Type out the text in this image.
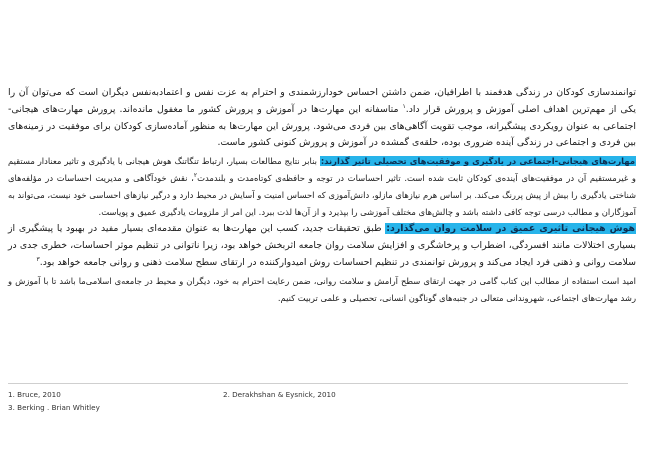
توانمندسازی کودکان در زندگی هدفمند با اطرافیان، ضمن داشتن احساس خودارزشمندی و احترام به عزت نفس و اعتمادبه‌نفس دیگران است که می‌توان آن را یکی از مهم‌ترین اهداف اصلی آموزش و پرورش قرار داد.$^۱$ متاسفانه این مهارت‌ها در آموزش و پرورش کشور ما مغفول مانده‌اند. پرورش مهارت‌های هیجانی-اجتماعی به عنوان رویکردی پیشگیرانه، موجب تقویت آگاهی‌های بین فردی می‌شود. پرورش این مهارت‌ها به منظور آماده‌سازی کودکان برای موفقیت در زمینه‌های بین فردی و اجتماعی در زندگی آینده ضروری بوده، حلقه‌ی گمشده در آموزش و پرورش کنونی کشور ماست.

مهارت‌های هیجانی-اجتماعی در یادگیری و موفقیت‌های تحصیلی تاثیر گذارند: بنابر نتایج مطالعات بسیار، ارتباط تنگاتنگ هوش هیجانی با یادگیری و تاثیر معنادار مستقیم و غیرمستقیم آن در موفقیت‌های آینده‌ی کودکان ثابت شده است. تاثیر احساسات در توجه و حافظه‌ی کوتاه‌مدت و بلندمدت$^۲$، نقش خودآگاهی و مدیریت احساسات در مؤلفه‌های شناختی یادگیری را بیش از پیش پررنگ می‌کند. بر اساس هرم نیازهای مازلو، دانش‌آموزی که احساس امنیت و آسایش در محیط دارد و درگیر نیازهای احساسی خود نیست، می‌تواند به آموزگاران و مطالب درسی توجه کافی داشته باشد و چالش‌های مختلف آموزشی را بپذیرد و از آن‌ها لذت ببرد. این امر از ملزومات یادگیری عمیق و پویاست.

هوش هیجانی تاثیری عمیق در سلامت روان می‌گذارد: طبق تحقیقات جدید، کسب این مهارت‌ها به عنوان مقدمه‌ای بسیار مفید در بهبود یا پیشگیری از بسیاری اختلالات مانند افسردگی، اضطراب و پرخاشگری و افزایش سلامت روان جامعه اثربخش خواهد بود، زیرا ناتوانی در تنظیم موثر احساسات، خطری جدی در سلامت روانی و ذهنی فرد ایجاد می‌کند و پرورش توانمندی در تنظیم احساسات روش امیدوارکننده در ارتقای سطح سلامت ذهنی و روانی جامعه خواهد بود.$^۳$

امید است استفاده از مطالب این کتاب گامی در جهت ارتقای سطح آرامش و سلامت روانی، ضمن رعایت احترام به خود، دیگران و محیط در جامعه‌ی اسلامی‌ما باشد تا با آموزش و رشد مهارت‌های اجتماعی، شهروندانی متعالی در جنبه‌های گوناگون انسانی، تحصیلی و علمی تربیت کنیم.

1. Bruce, 2010	2. Derakhshan & Eysnick, 2010
3. Berking . Brian Whitley
